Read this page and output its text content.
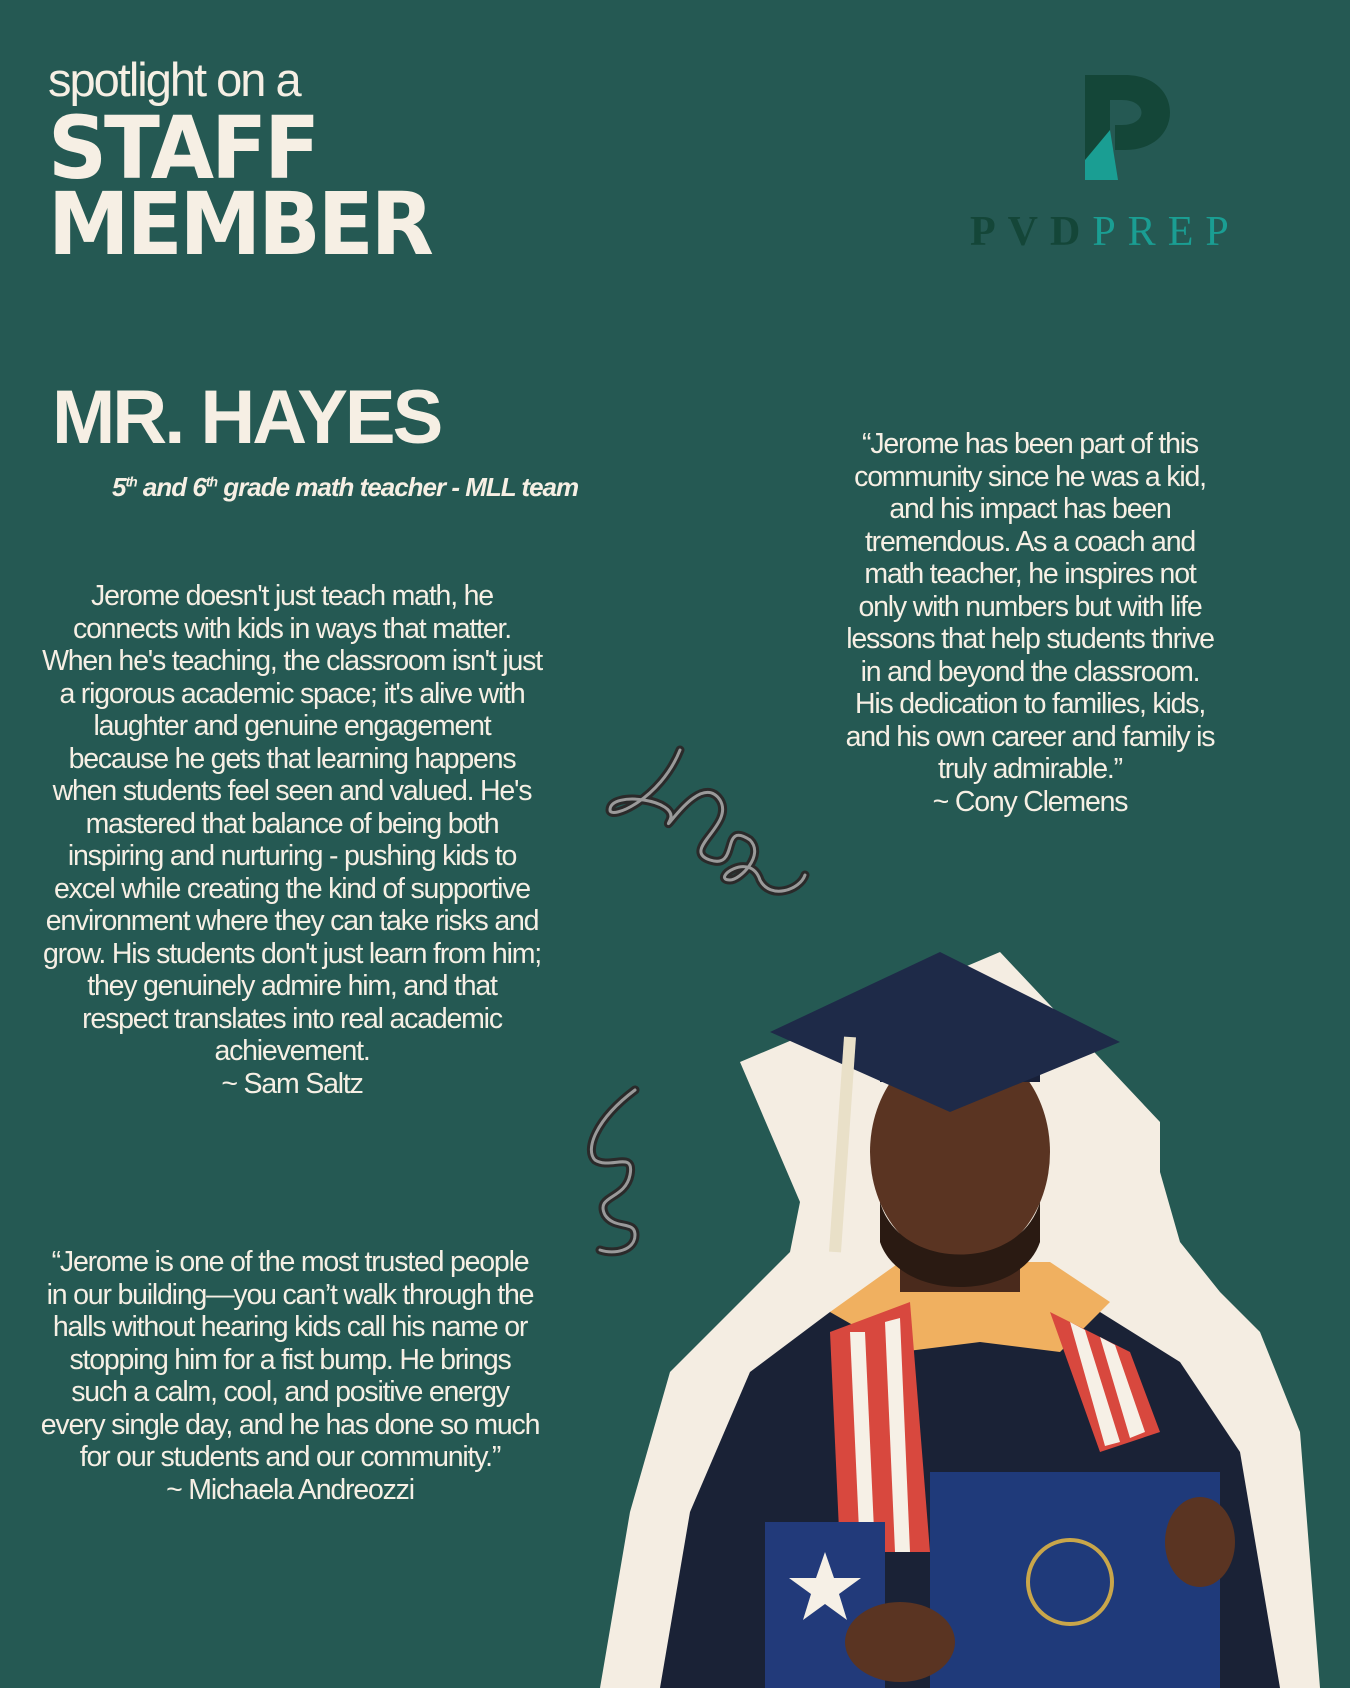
spotlight on a
STAFF
MEMBER	PVDPREP
MR. HAYES
5th and 6th grade math teacher - MLL team
Jerome doesn't just teach math, he connects with kids in ways that matter. When he's teaching, the classroom isn't just a rigorous academic space; it's alive with laughter and genuine engagement because he gets that learning happens when students feel seen and valued. He's mastered that balance of being both inspiring and nurturing - pushing kids to excel while creating the kind of supportive environment where they can take risks and grow. His students don't just learn from him; they genuinely admire him, and that respect translates into real academic achievement.
~ Sam Saltz
“Jerome is one of the most trusted people in our building—you can’t walk through the halls without hearing kids call his name or stopping him for a fist bump. He brings such a calm, cool, and positive energy every single day, and he has done so much for our students and our community.”
~ Michaela Andreozzi
“Jerome has been part of this community since he was a kid, and his impact has been tremendous. As a coach and math teacher, he inspires not only with numbers but with life lessons that help students thrive in and beyond the classroom. His dedication to families, kids, and his own career and family is truly admirable.”
~ Cony Clemens
